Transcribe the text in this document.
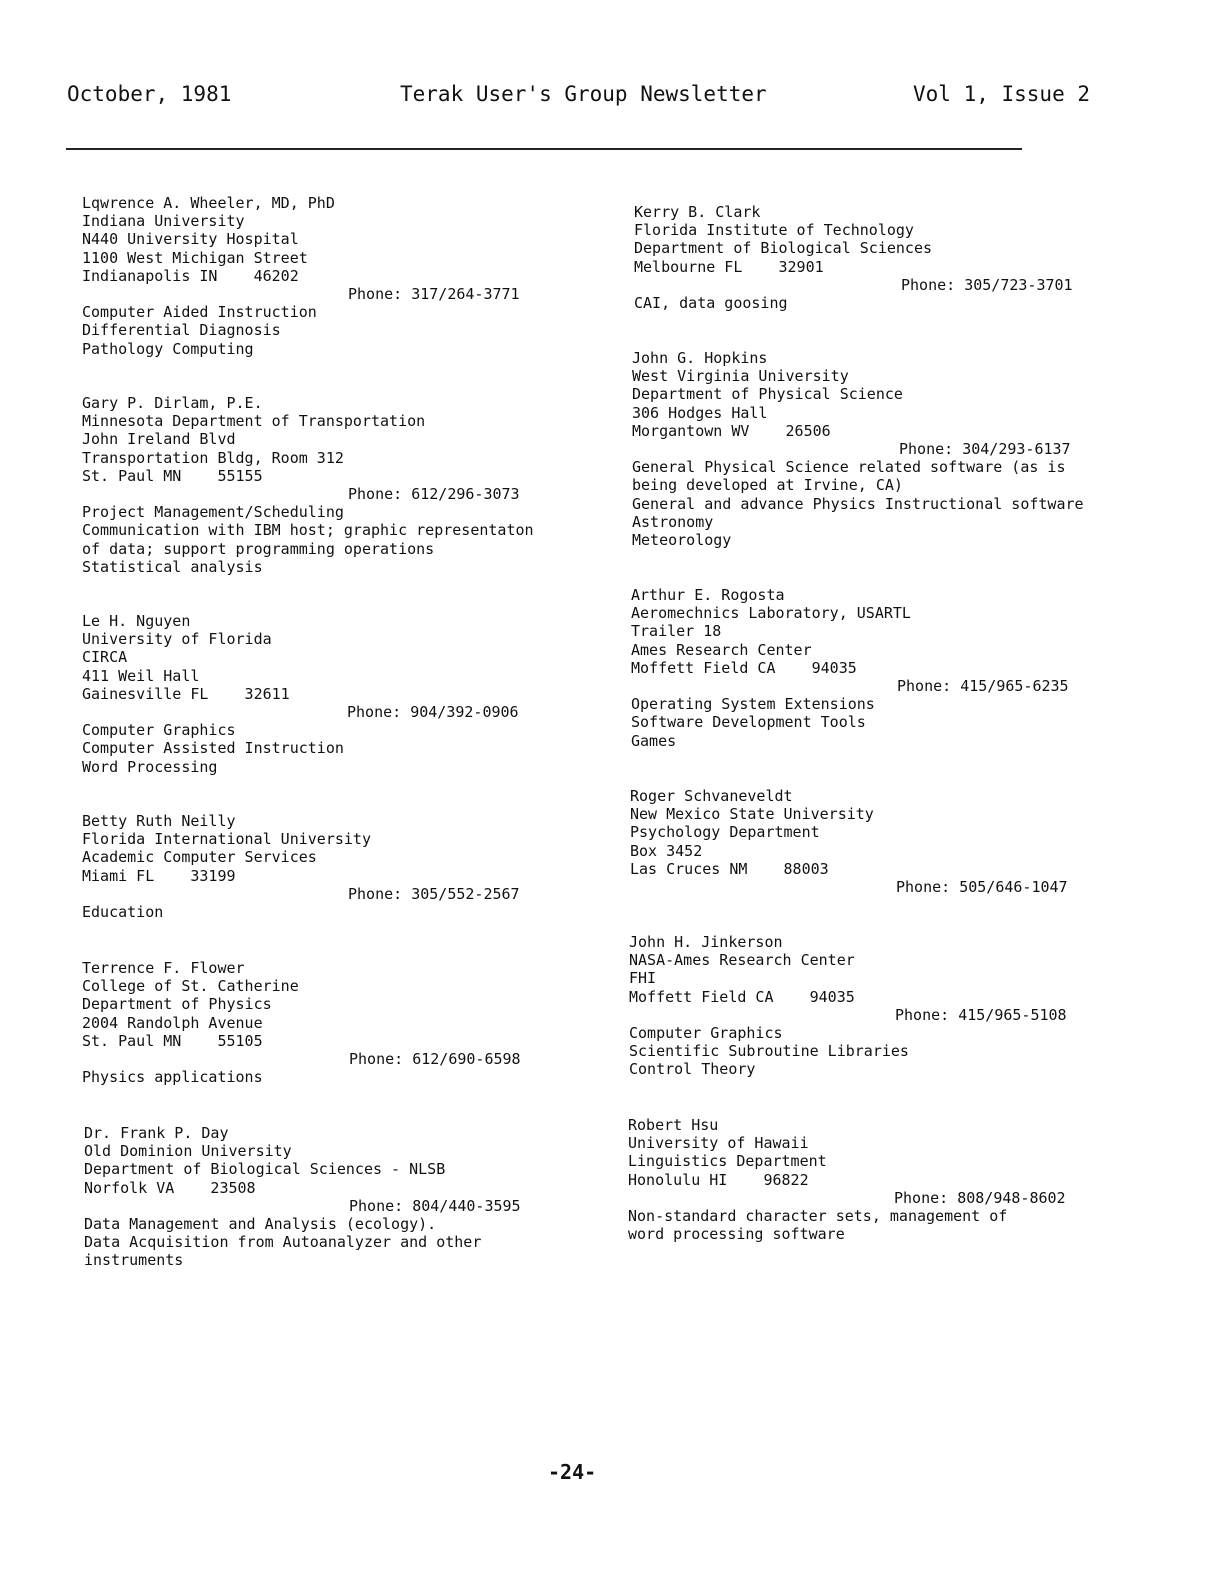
October, 1981	Terak User's Group Newsletter	Vol 1, Issue 2
Lqwrence A. Wheeler, MD, PhD
Indiana University
N440 University Hospital
1100 West Michigan Street
Indianapolis IN    46202
Phone: 317/264-3771
Computer Aided Instruction
Differential Diagnosis
Pathology Computing
Gary P. Dirlam, P.E.
Minnesota Department of Transportation
John Ireland Blvd
Transportation Bldg, Room 312
St. Paul MN    55155
Phone: 612/296-3073
Project Management/Scheduling
Communication with IBM host; graphic representaton
of data; support programming operations
Statistical analysis
Le H. Nguyen
University of Florida
CIRCA
411 Weil Hall
Gainesville FL    32611
Phone: 904/392-0906
Computer Graphics
Computer Assisted Instruction
Word Processing
Betty Ruth Neilly
Florida International University
Academic Computer Services
Miami FL    33199
Phone: 305/552-2567
Education
Terrence F. Flower
College of St. Catherine
Department of Physics
2004 Randolph Avenue
St. Paul MN    55105
Phone: 612/690-6598
Physics applications
Dr. Frank P. Day
Old Dominion University
Department of Biological Sciences - NLSB
Norfolk VA    23508
Phone: 804/440-3595
Data Management and Analysis (ecology).
Data Acquisition from Autoanalyzer and other
instruments
Kerry B. Clark
Florida Institute of Technology
Department of Biological Sciences
Melbourne FL    32901
Phone: 305/723-3701
CAI, data goosing
John G. Hopkins
West Virginia University
Department of Physical Science
306 Hodges Hall
Morgantown WV    26506
Phone: 304/293-6137
General Physical Science related software (as is
being developed at Irvine, CA)
General and advance Physics Instructional software
Astronomy
Meteorology
Arthur E. Rogosta
Aeromechnics Laboratory, USARTL
Trailer 18
Ames Research Center
Moffett Field CA    94035
Phone: 415/965-6235
Operating System Extensions
Software Development Tools
Games
Roger Schvaneveldt
New Mexico State University
Psychology Department
Box 3452
Las Cruces NM    88003
Phone: 505/646-1047
John H. Jinkerson
NASA-Ames Research Center
FHI
Moffett Field CA    94035
Phone: 415/965-5108
Computer Graphics
Scientific Subroutine Libraries
Control Theory
Robert Hsu
University of Hawaii
Linguistics Department
Honolulu HI    96822
Phone: 808/948-8602
Non-standard character sets, management of
word processing software
-24-
